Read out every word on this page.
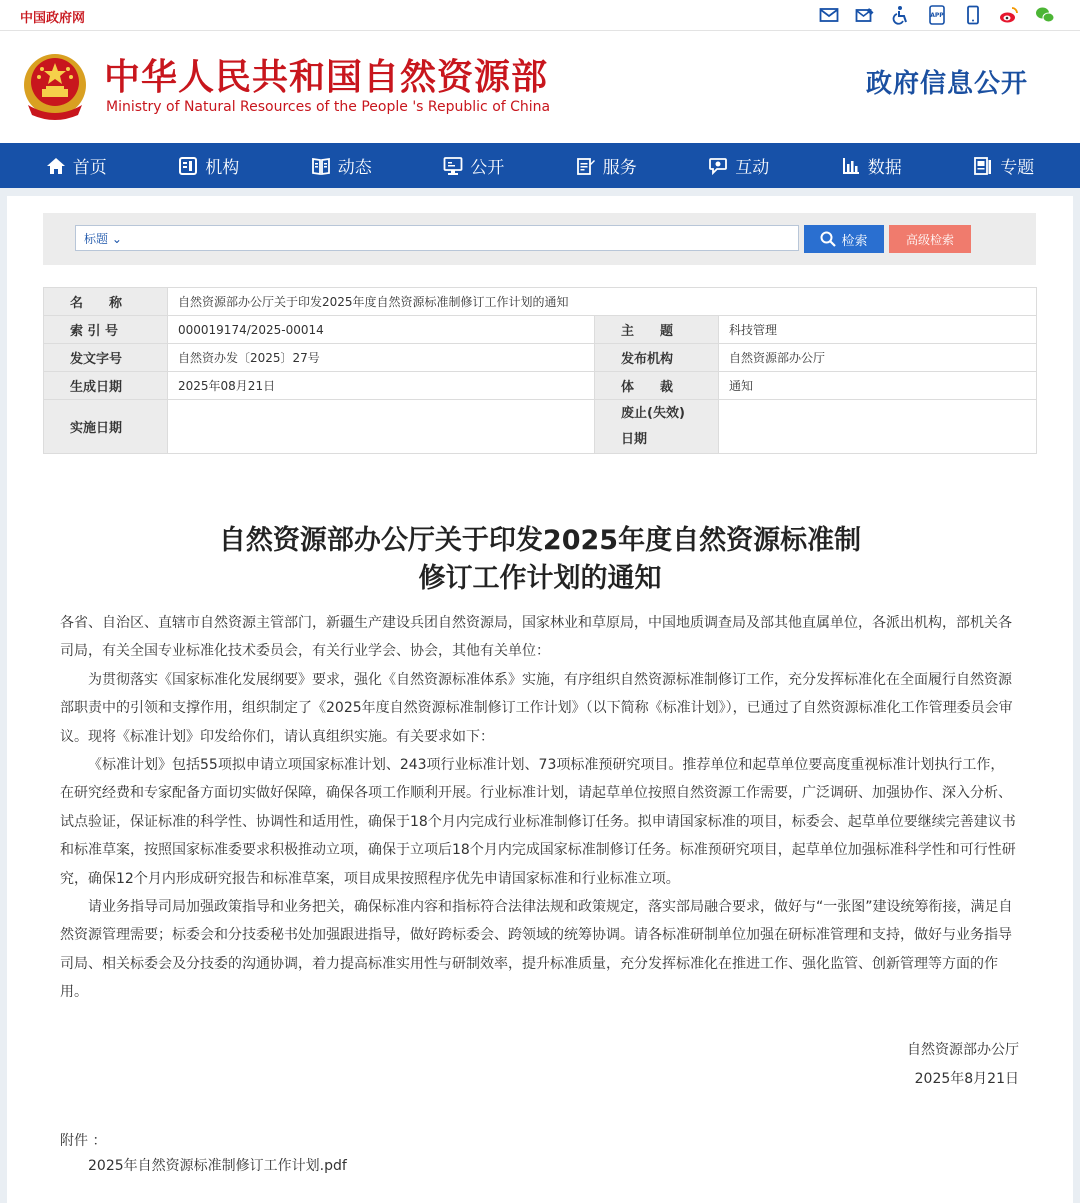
中国政府网	APP
中华人民共和国自然资源部
Ministry of Natural Resources of the People 's Republic of China
政府信息公开
首页	机构	动态	公开	服务	互动	数据	专题
标题 ⌄	检索	高级检索
名　　称	自然资源部办公厅关于印发2025年度自然资源标准制修订工作计划的通知		
索 引 号	000019174/2025-00014	主　　题	科技管理
发文字号	自然资办发〔2025〕27号	发布机构	自然资源部办公厅
生成日期	2025年08月21日	体　　裁	通知
实施日期		废止(失效)
日期	
自然资源部办公厅关于印发2025年度自然资源标准制
修订工作计划的通知

各省、自治区、直辖市自然资源主管部门，新疆生产建设兵团自然资源局，国家林业和草原局，中国地质调查局及部其他直属单位，各派出机构，部机关各司局，有关全国专业标准化技术委员会，有关行业学会、协会，其他有关单位：

为贯彻落实《国家标准化发展纲要》要求，强化《自然资源标准体系》实施，有序组织自然资源标准制修订工作，充分发挥标准化在全面履行自然资源部职责中的引领和支撑作用，组织制定了《2025年度自然资源标准制修订工作计划》（以下简称《标准计划》），已通过了自然资源标准化工作管理委员会审议。现将《标准计划》印发给你们，请认真组织实施。有关要求如下：

《标准计划》包括55项拟申请立项国家标准计划、243项行业标准计划、73项标准预研究项目。推荐单位和起草单位要高度重视标准计划执行工作，在研究经费和专家配备方面切实做好保障，确保各项工作顺利开展。行业标准计划，请起草单位按照自然资源工作需要，广泛调研、加强协作、深入分析、试点验证，保证标准的科学性、协调性和适用性，确保于18个月内完成行业标准制修订任务。拟申请国家标准的项目，标委会、起草单位要继续完善建议书和标准草案，按照国家标准委要求积极推动立项，确保于立项后18个月内完成国家标准制修订任务。标准预研究项目，起草单位加强标准科学性和可行性研究，确保12个月内形成研究报告和标准草案，项目成果按照程序优先申请国家标准和行业标准立项。

请业务指导司局加强政策指导和业务把关，确保标准内容和指标符合法律法规和政策规定，落实部局融合要求，做好与“一张图”建设统筹衔接，满足自然资源管理需要；标委会和分技委秘书处加强跟进指导，做好跨标委会、跨领域的统筹协调。请各标准研制单位加强在研标准管理和支持，做好与业务指导司局、相关标委会及分技委的沟通协调，着力提高标准实用性与研制效率，提升标准质量，充分发挥标准化在推进工作、强化监管、创新管理等方面的作用。

自然资源部办公厅
2025年8月21日
附件 ：
2025年自然资源标准制修订工作计划.pdf
